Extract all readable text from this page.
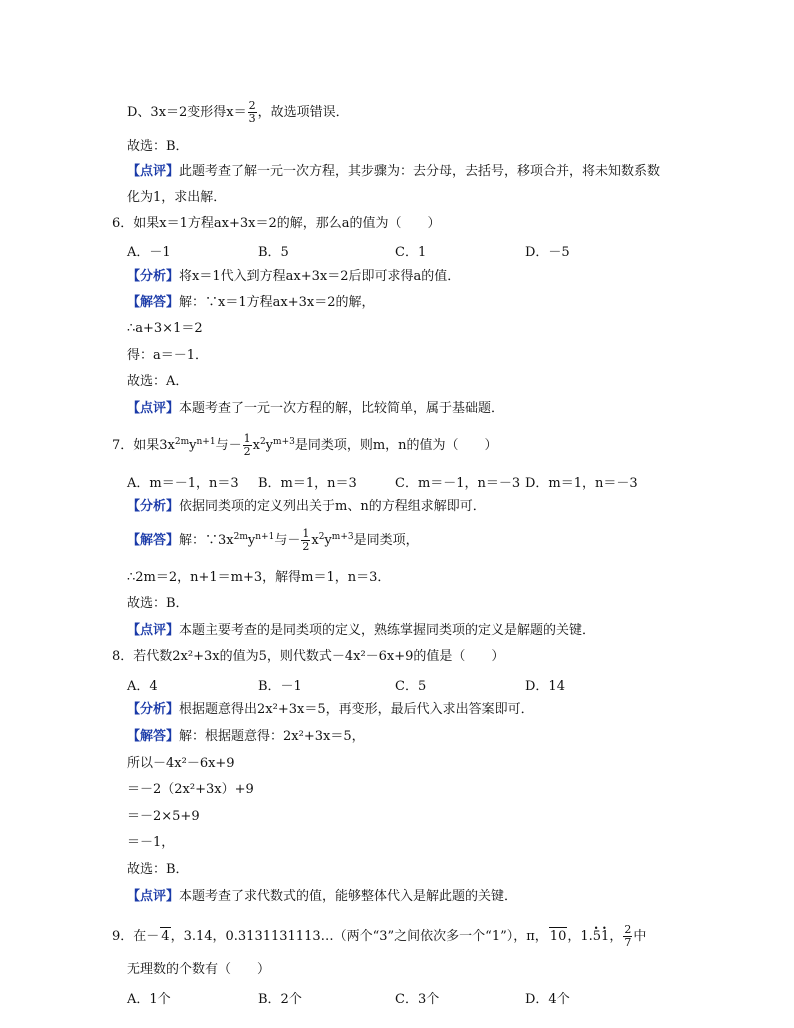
D、3x＝2变形得$x= \frac{2}{3}$ ，故选项错误．
故选：B．
【点评】此题考查了解一元一次方程，其步骤为：去分母，去括号，移项合并，将未知数系数
化为1，求出解．
6．如果x＝1方程ax+3x＝2的解，那么a的值为（　　）
A．－1	B．5	C．1	D．－5
【分析】将x＝1代入到方程ax+3x＝2后即可求得a的值．
【解答】解：∵x＝1方程ax+3x＝2的解，
∴a+3×1＝2
得：a＝－1．
故选：A．
【点评】本题考查了一元一次方程的解，比较简单，属于基础题．
7．如果$3x^{2m}y^{n+1}$与－ $\frac{1}{2} x^2y^{m+3}$是同类项，则m，n的值为（　　）
A．m＝－1，n＝3 B．m＝1，n＝3	C．m＝－1，n＝－3 D．m＝1，n＝－3
【分析】依据同类项的定义列出关于m、n的方程组求解即可．
【解答】解：$\because 3x^{2m}y^{n+1}$与－ $\frac{1}{2} x^2y^{m+3}$是同类项，
∴2m＝2，n+1＝m+3，解得m＝1，n＝3．
故选：B．
【点评】本题主要考查的是同类项的定义，熟练掌握同类项的定义是解题的关键．
8．若代数2x²+3x的值为5，则代数式－4x²－6x+9的值是（　　）
A．4	B．－1	C．5	D．14
【分析】根据题意得出2x²+3x＝5，再变形，最后代入求出答案即可．
【解答】解：根据题意得：2x²+3x＝5，
所以－4x²－6x+9
＝－2（2x²+3x）+9
＝－2×5+9
＝－1，
故选：B．
【点评】本题考查了求代数式的值，能够整体代入是解此题的关键．
9．在－ 4，3.14，0.3131131113…（两个“3”之间依次多一个“1”），π， 10，1.• 5• 1， $\frac{2}{7}$ 中
无理数的个数有（　　）
A．1个	B．2个	C．3个	D．4个
